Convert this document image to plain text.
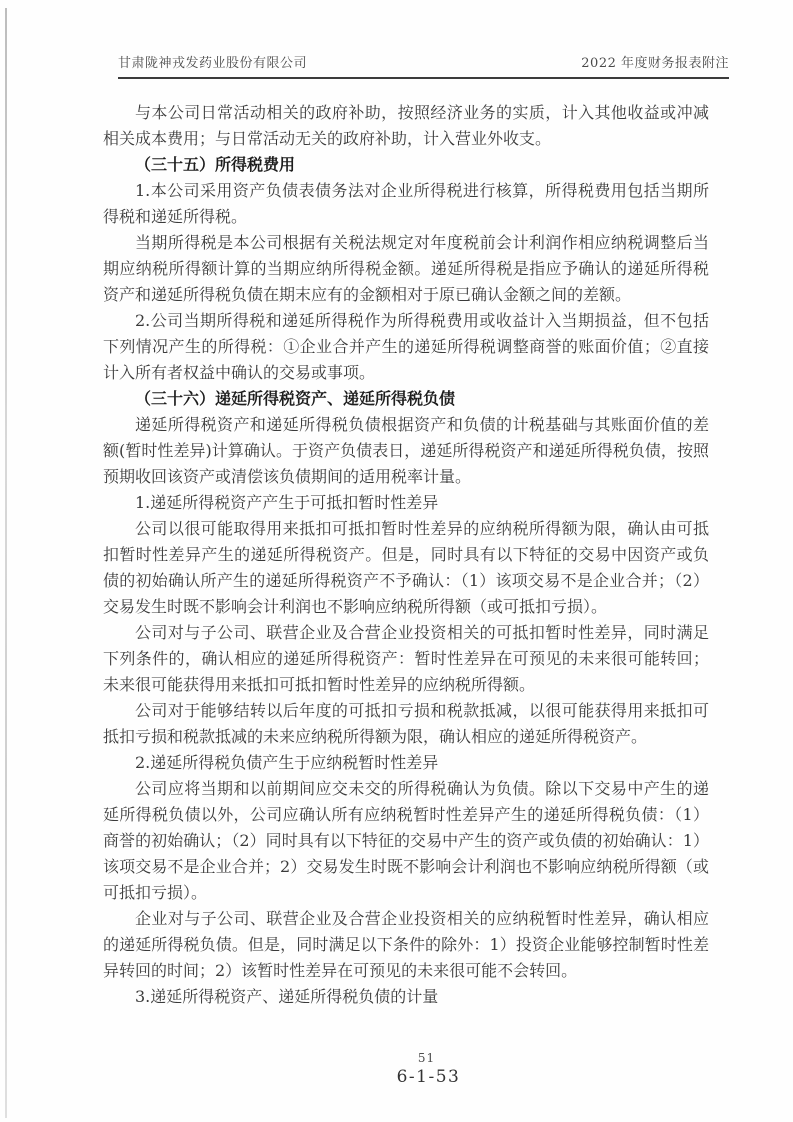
甘肃陇神戎发药业股份有限公司	2022 年度财务报表附注

与本公司日常活动相关的政府补助，按照经济业务的实质，计入其他收益或冲减相关成本费用；与日常活动无关的政府补助，计入营业外收支。

（三十五）所得税费用

1.本公司采用资产负债表债务法对企业所得税进行核算，所得税费用包括当期所得税和递延所得税。

当期所得税是本公司根据有关税法规定对年度税前会计利润作相应纳税调整后当期应纳税所得额计算的当期应纳所得税金额。递延所得税是指应予确认的递延所得税资产和递延所得税负债在期末应有的金额相对于原已确认金额之间的差额。

2.公司当期所得税和递延所得税作为所得税费用或收益计入当期损益，但不包括下列情况产生的所得税：①企业合并产生的递延所得税调整商誉的账面价值；②直接计入所有者权益中确认的交易或事项。

（三十六）递延所得税资产、递延所得税负债

递延所得税资产和递延所得税负债根据资产和负债的计税基础与其账面价值的差额(暂时性差异)计算确认。于资产负债表日，递延所得税资产和递延所得税负债，按照预期收回该资产或清偿该负债期间的适用税率计量。

1.递延所得税资产产生于可抵扣暂时性差异

公司以很可能取得用来抵扣可抵扣暂时性差异的应纳税所得额为限，确认由可抵扣暂时性差异产生的递延所得税资产。但是，同时具有以下特征的交易中因资产或负债的初始确认所产生的递延所得税资产不予确认：（1）该项交易不是企业合并；（2）交易发生时既不影响会计利润也不影响应纳税所得额（或可抵扣亏损）。

公司对与子公司、联营企业及合营企业投资相关的可抵扣暂时性差异，同时满足下列条件的，确认相应的递延所得税资产：暂时性差异在可预见的未来很可能转回；未来很可能获得用来抵扣可抵扣暂时性差异的应纳税所得额。

公司对于能够结转以后年度的可抵扣亏损和税款抵减，以很可能获得用来抵扣可抵扣亏损和税款抵减的未来应纳税所得额为限，确认相应的递延所得税资产。

2.递延所得税负债产生于应纳税暂时性差异

公司应将当期和以前期间应交未交的所得税确认为负债。除以下交易中产生的递延所得税负债以外，公司应确认所有应纳税暂时性差异产生的递延所得税负债：（1）商誉的初始确认；（2）同时具有以下特征的交易中产生的资产或负债的初始确认：1）该项交易不是企业合并；2）交易发生时既不影响会计利润也不影响应纳税所得额（或可抵扣亏损）。

企业对与子公司、联营企业及合营企业投资相关的应纳税暂时性差异，确认相应的递延所得税负债。但是，同时满足以下条件的除外：1）投资企业能够控制暂时性差异转回的时间；2）该暂时性差异在可预见的未来很可能不会转回。

3.递延所得税资产、递延所得税负债的计量

51
6-1-53
